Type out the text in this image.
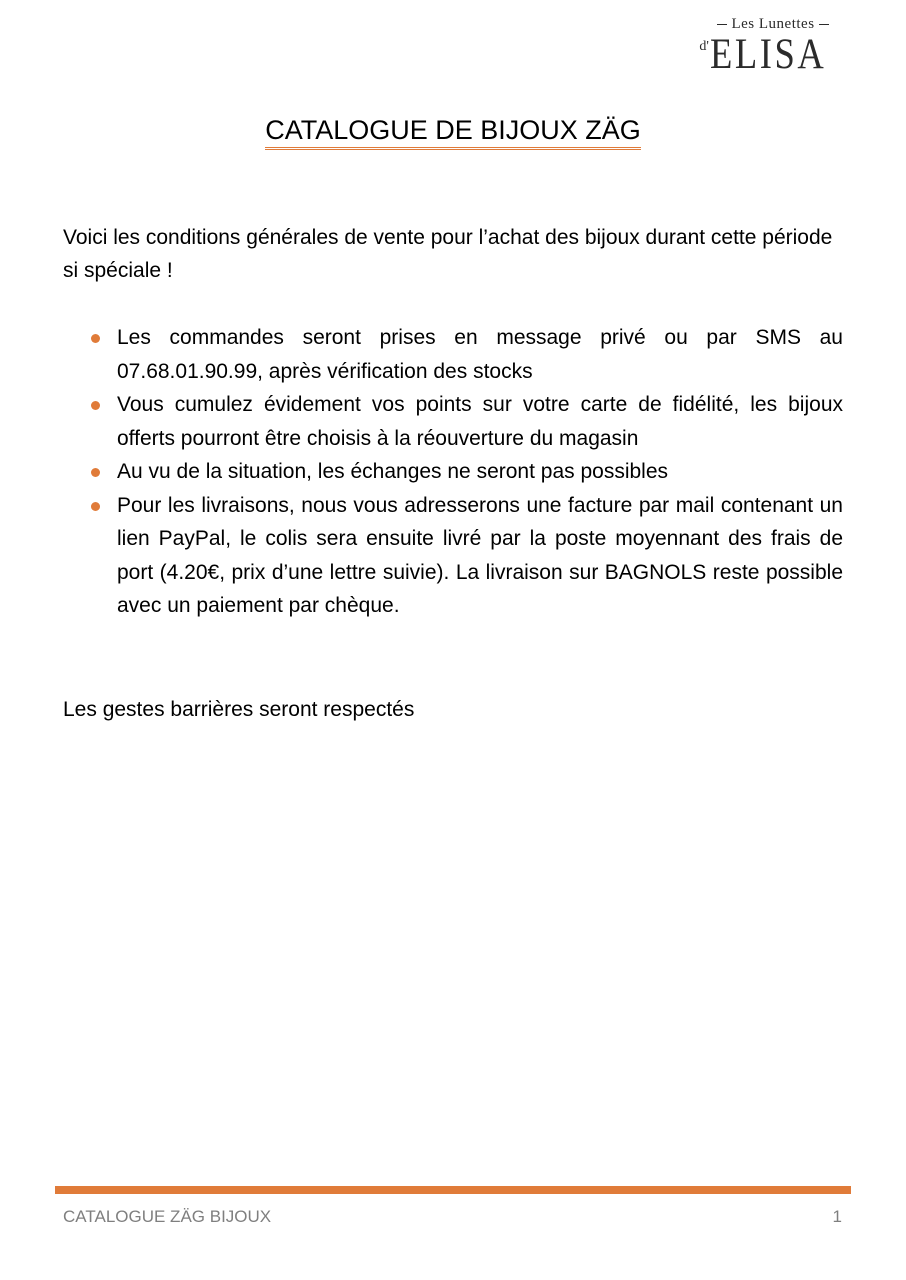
Les Lunettes
d' ELISA
CATALOGUE DE BIJOUX ZÄG

Voici les conditions générales de vente pour l’achat des bijoux durant cette période si spéciale !

Les commandes seront prises en message privé ou par SMS au 07.68.01.90.99, après vérification des stocks
Vous cumulez évidement vos points sur votre carte de fidélité, les bijoux offerts pourront être choisis à la réouverture du magasin
Au vu de la situation, les échanges ne seront pas possibles
Pour les livraisons, nous vous adresserons une facture par mail contenant un lien PayPal, le colis sera ensuite livré par la poste moyennant des frais de port (4.20€, prix d’une lettre suivie). La livraison sur BAGNOLS reste possible avec un paiement par chèque.

Les gestes barrières seront respectés

CATALOGUE ZÄG BIJOUX	1
